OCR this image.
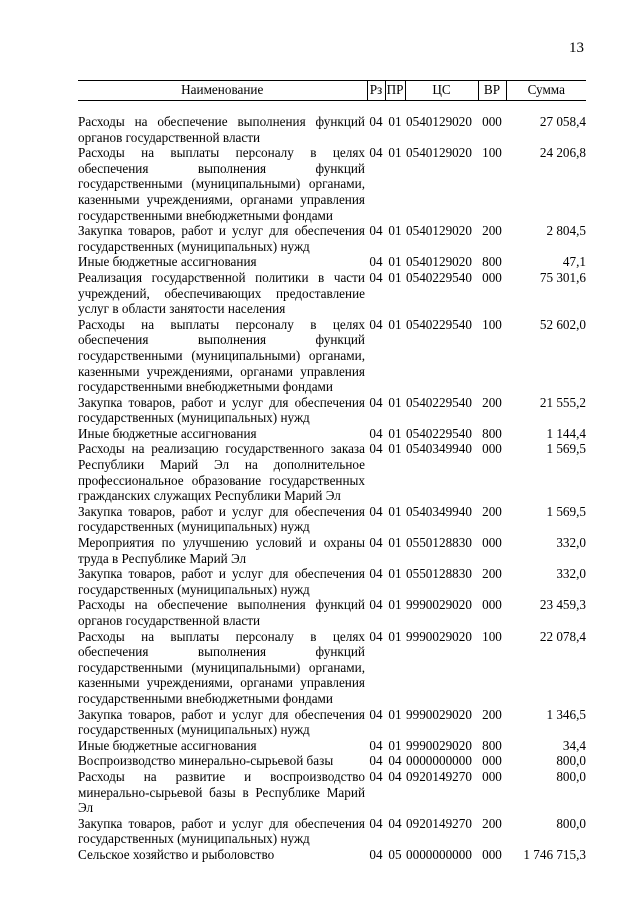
13
Наименование	Рз	ПР	ЦС	ВР	Сумма

Расходы на обеспечение выполнения функций органов государственной власти	04	01	0540129020	000	27 058,4
Расходы на выплаты персоналу в целях обеспечения выполнения функций государственными (муниципальными) органами, казенными учреждениями, органами управления государственными внебюджетными фондами	04	01	0540129020	100	24 206,8
Закупка товаров, работ и услуг для обеспечения государственных (муниципальных) нужд	04	01	0540129020	200	2 804,5
Иные бюджетные ассигнования	04	01	0540129020	800	47,1
Реализация государственной политики в части учреждений, обеспечивающих предоставление услуг в области занятости населения	04	01	0540229540	000	75 301,6
Расходы на выплаты персоналу в целях обеспечения выполнения функций государственными (муниципальными) органами, казенными учреждениями, органами управления государственными внебюджетными фондами	04	01	0540229540	100	52 602,0
Закупка товаров, работ и услуг для обеспечения государственных (муниципальных) нужд	04	01	0540229540	200	21 555,2
Иные бюджетные ассигнования	04	01	0540229540	800	1 144,4
Расходы на реализацию государственного заказа Республики Марий Эл на дополнительное профессиональное образование государственных гражданских служащих Республики Марий Эл	04	01	0540349940	000	1 569,5
Закупка товаров, работ и услуг для обеспечения государственных (муниципальных) нужд	04	01	0540349940	200	1 569,5
Мероприятия по улучшению условий и охраны труда в Республике Марий Эл	04	01	0550128830	000	332,0
Закупка товаров, работ и услуг для обеспечения государственных (муниципальных) нужд	04	01	0550128830	200	332,0
Расходы на обеспечение выполнения функций органов государственной власти	04	01	9990029020	000	23 459,3
Расходы на выплаты персоналу в целях обеспечения выполнения функций государственными (муниципальными) органами, казенными учреждениями, органами управления государственными внебюджетными фондами	04	01	9990029020	100	22 078,4
Закупка товаров, работ и услуг для обеспечения государственных (муниципальных) нужд	04	01	9990029020	200	1 346,5
Иные бюджетные ассигнования	04	01	9990029020	800	34,4
Воспроизводство минерально-сырьевой базы	04	04	0000000000	000	800,0
Расходы на развитие и воспроизводство минерально-сырьевой базы в Республике Марий Эл	04	04	0920149270	000	800,0
Закупка товаров, работ и услуг для обеспечения государственных (муниципальных) нужд	04	04	0920149270	200	800,0
Сельское хозяйство и рыболовство	04	05	0000000000	000	1 746 715,3
